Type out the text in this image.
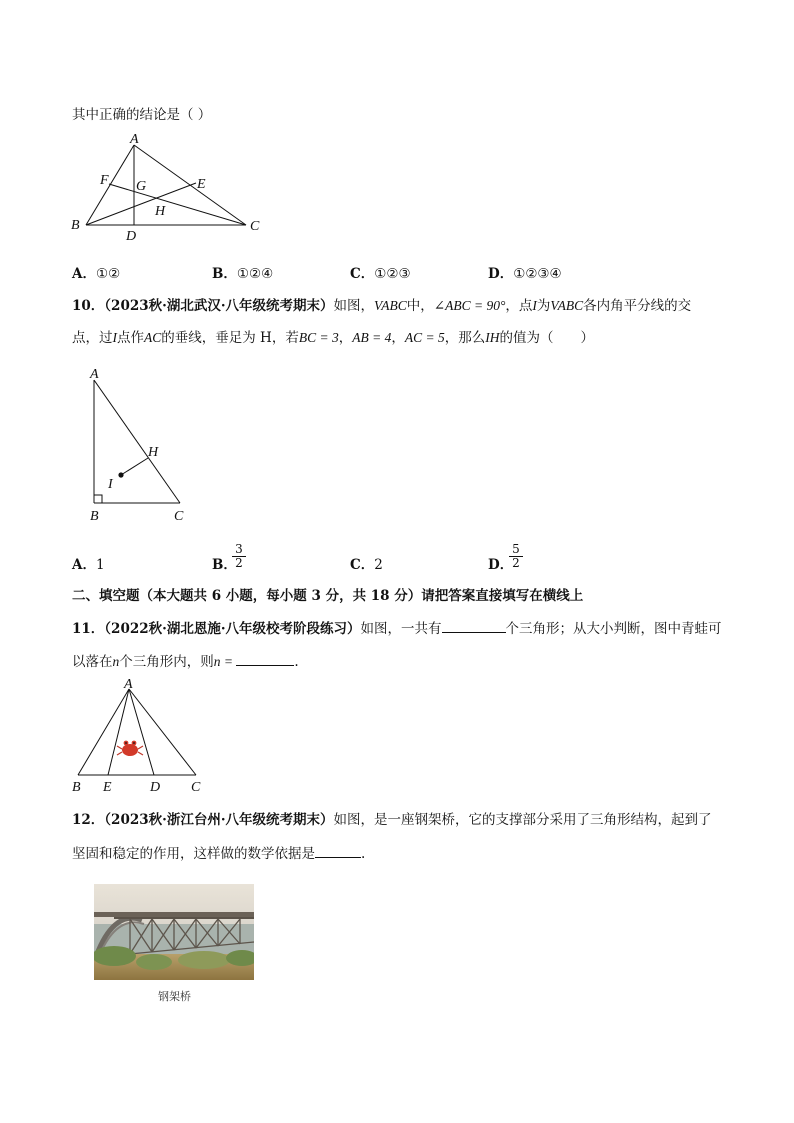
其中正确的结论是（ ）
A
B	C
D
E
F G
H
A．①②	B．①②④	C．①②③	D．①②③④
10．（2023秋·湖北武汉·八年级统考期末）如图，VABC中，∠ABC = 90°，点I为VABC各内角平分线的交
点，过I点作AC的垂线，垂足为 H，若BC = 3，AB = 4，AC = 5，那么IH的值为（　　）
A
B	C
H
I
A．1	B．
$\frac{3}{2}$	C．2	D．
$\frac{5}{2}$
二、填空题（本大题共 6 小题，每小题 3 分，共 18 分）请把答案直接填写在横线上
11．（2022秋·湖北恩施·八年级校考阶段练习）如图，一共有	个三角形；从大小判断，图中青蛙可
以落在n个三角形内，则n =	.
A
B E	D C
12．（2023秋·浙江台州·八年级统考期末）如图，是一座钢架桥，它的支撑部分采用了三角形结构，起到了
坚固和稳定的作用，这样做的数学依据是	.
钢架桥
